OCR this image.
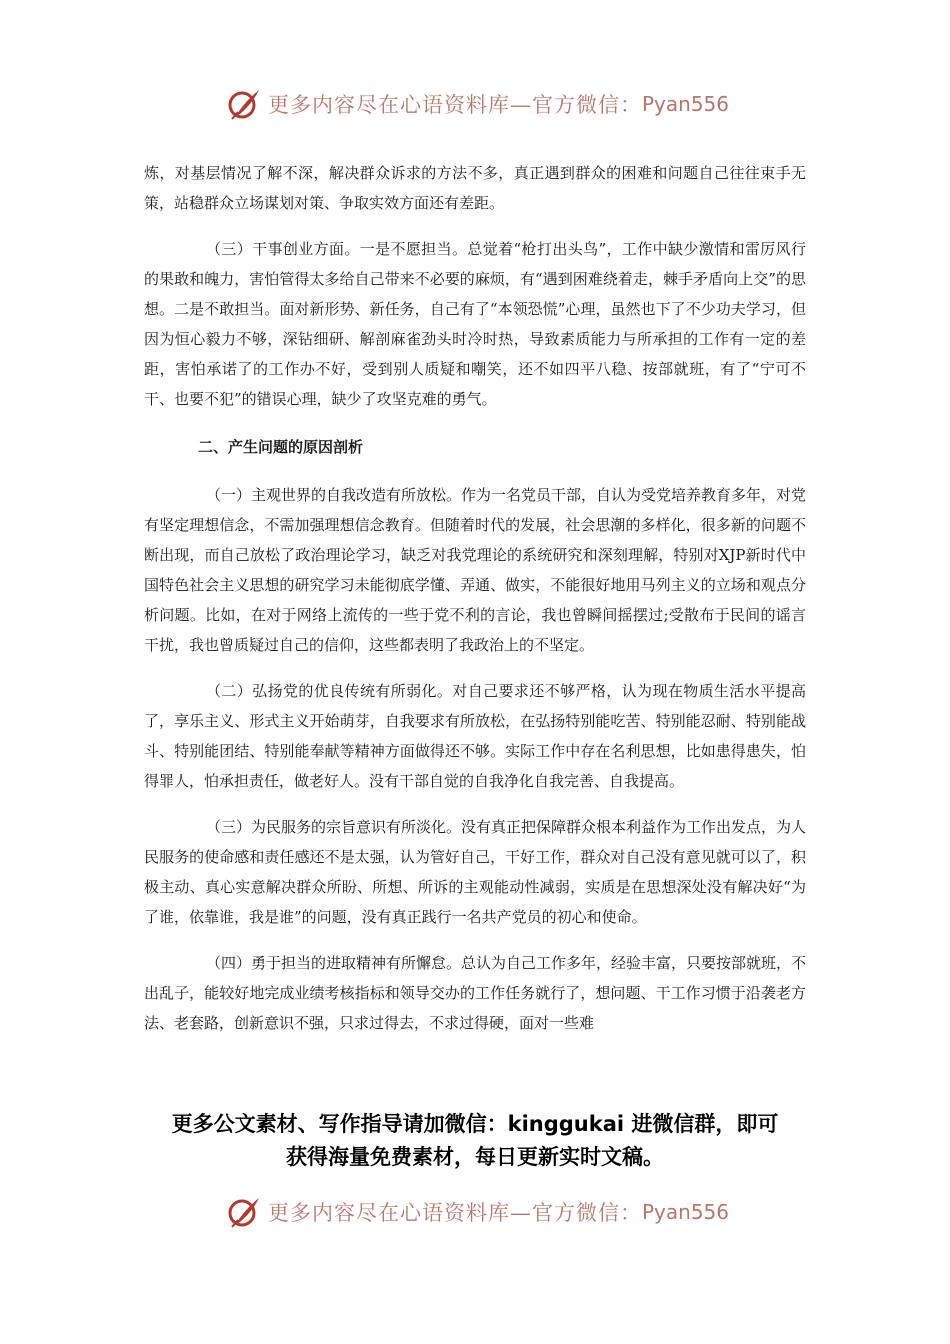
更多内容尽在心语资料库—官方微信： Pyan556

炼，对基层情况了解不深，解决群众诉求的方法不多，真正遇到群众的困难和问题自己往往束手无策，站稳群众立场谋划对策、争取实效方面还有差距。

（三）干事创业方面。一是不愿担当。总觉着“枪打出头鸟”，工作中缺少激情和雷厉风行的果敢和魄力，害怕管得太多给自己带来不必要的麻烦，有“遇到困难绕着走，棘手矛盾向上交”的思想。二是不敢担当。面对新形势、新任务，自己有了“本领恐慌”心理，虽然也下了不少功夫学习，但因为恒心毅力不够，深钻细研、解剖麻雀劲头时冷时热，导致素质能力与所承担的工作有一定的差距，害怕承诺了的工作办不好，受到别人质疑和嘲笑，还不如四平八稳、按部就班，有了“宁可不干、也要不犯”的错误心理，缺少了攻坚克难的勇气。

二、产生问题的原因剖析

（一）主观世界的自我改造有所放松。作为一名党员干部，自认为受党培养教育多年，对党有坚定理想信念，不需加强理想信念教育。但随着时代的发展，社会思潮的多样化，很多新的问题不断出现，而自己放松了政治理论学习，缺乏对我党理论的系统研究和深刻理解，特别对XJP新时代中国特色社会主义思想的研究学习未能彻底学懂、弄通、做实，不能很好地用马列主义的立场和观点分析问题。比如，在对于网络上流传的一些于党不利的言论，我也曾瞬间摇摆过;受散布于民间的谣言干扰，我也曾质疑过自己的信仰，这些都表明了我政治上的不坚定。

（二）弘扬党的优良传统有所弱化。对自己要求还不够严格，认为现在物质生活水平提高了，享乐主义、形式主义开始萌芽，自我要求有所放松，在弘扬特别能吃苦、特别能忍耐、特别能战斗、特别能团结、特别能奉献等精神方面做得还不够。实际工作中存在名利思想，比如患得患失，怕得罪人，怕承担责任，做老好人。没有干部自觉的自我净化自我完善、自我提高。

（三）为民服务的宗旨意识有所淡化。没有真正把保障群众根本利益作为工作出发点，为人民服务的使命感和责任感还不是太强，认为管好自己，干好工作，群众对自己没有意见就可以了，积极主动、真心实意解决群众所盼、所想、所诉的主观能动性减弱，实质是在思想深处没有解决好“为了谁，依靠谁，我是谁”的问题，没有真正践行一名共产党员的初心和使命。

（四）勇于担当的进取精神有所懈怠。总认为自己工作多年，经验丰富，只要按部就班，不出乱子，能较好地完成业绩考核指标和领导交办的工作任务就行了，想问题、干工作习惯于沿袭老方法、老套路，创新意识不强，只求过得去，不求过得硬，面对一些难

更多公文素材、写作指导请加微信：kinggukai 进微信群，即可
获得海量免费素材，每日更新实时文稿。
更多内容尽在心语资料库—官方微信： Pyan556
